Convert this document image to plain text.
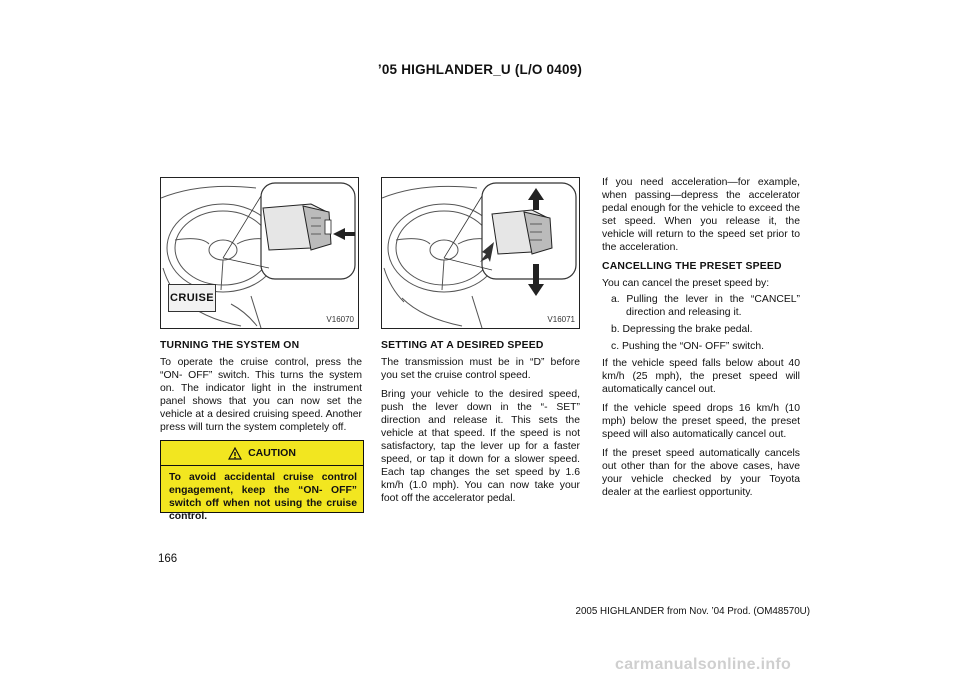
’05 HIGHLANDER_U (L/O 0409)
CRUISE
V16070	V16071
TURNING THE SYSTEM ON

To operate the cruise control, press the “ON- OFF” switch. This turns the system on. The indicator light in the instrument panel shows that you can now set the vehicle at a desired cruising speed. Another press will turn the system completely off.

CAUTION
To avoid accidental cruise control engagement, keep the “ON- OFF” switch off when not using the cruise control.
SETTING AT A DESIRED SPEED

The transmission must be in “D” before you set the cruise control speed.

Bring your vehicle to the desired speed, push the lever down in the “- SET” direction and release it. This sets the vehicle at that speed. If the speed is not satisfactory, tap the lever up for a faster speed, or tap it down for a slower speed. Each tap changes the set speed by 1.6 km/h (1.0 mph). You can now take your foot off the accelerator pedal.

If you need acceleration—for example, when passing—depress the accelerator pedal enough for the vehicle to exceed the set speed. When you release it, the vehicle will return to the speed set prior to the acceleration.

CANCELLING THE PRESET SPEED

You can cancel the preset speed by:

a. Pulling the lever in the “CANCEL” direction and releasing it.
b. Depressing the brake pedal.
c. Pushing the “ON- OFF” switch.

If the vehicle speed falls below about 40 km/h (25 mph), the preset speed will automatically cancel out.

If the vehicle speed drops 16 km/h (10 mph) below the preset speed, the preset speed will also automatically cancel out.

If the preset speed automatically cancels out other than for the above cases, have your vehicle checked by your Toyota dealer at the earliest opportunity.

166
2005 HIGHLANDER from Nov. ’04 Prod. (OM48570U)
carmanualsonline.info
